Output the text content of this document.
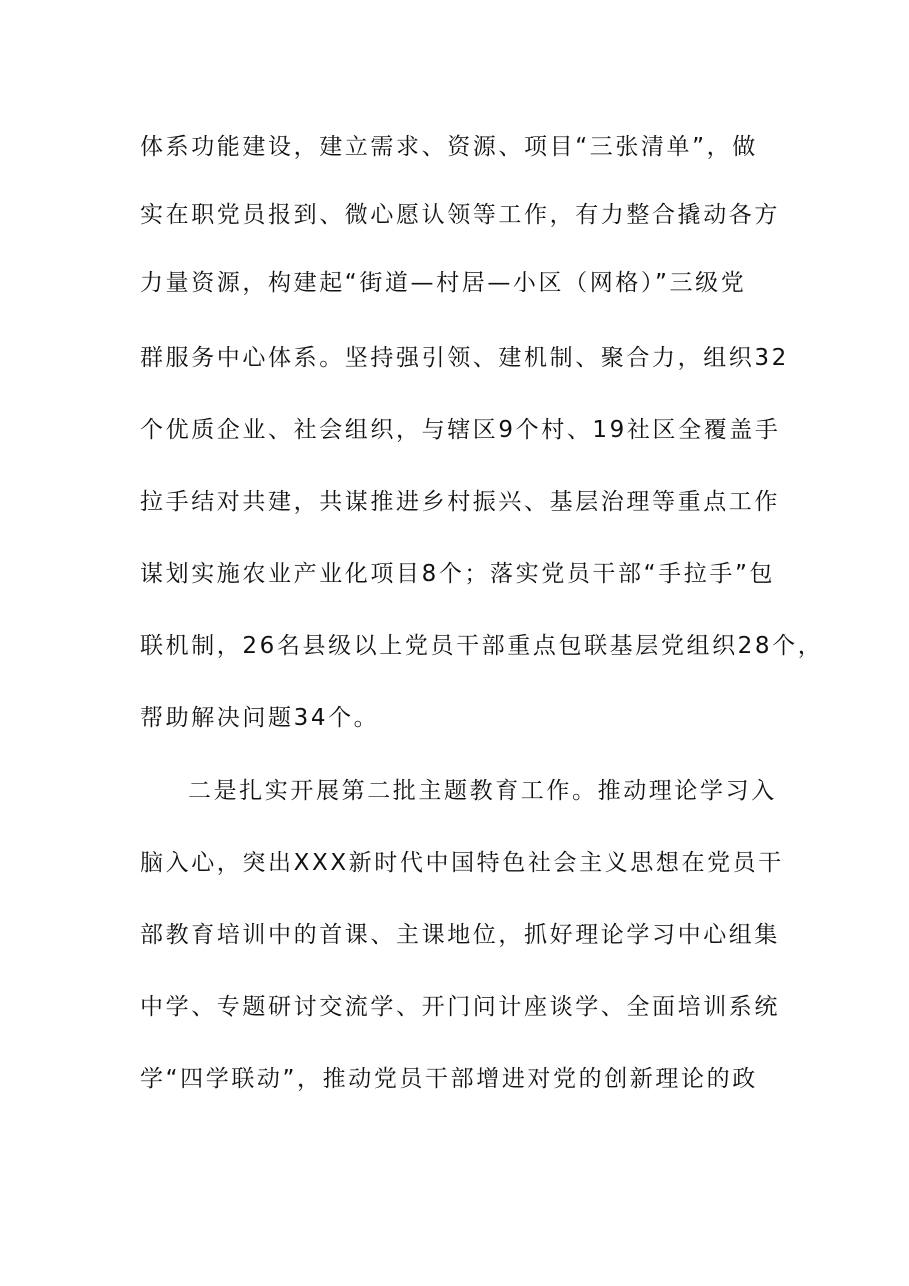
体系功能建设，建立需求、资源、项目“三张清单”，做
实在职党员报到、微心愿认领等工作，有力整合撬动各方
力量资源，构建起“街道—村居—小区（网格）”三级党
群服务中心体系。坚持强引领、建机制、聚合力，组织32
个优质企业、社会组织，与辖区9个村、19社区全覆盖手
拉手结对共建，共谋推进乡村振兴、基层治理等重点工作
谋划实施农业产业化项目8个；落实党员干部“手拉手”包
联机制，26名县级以上党员干部重点包联基层党组织28个，
帮助解决问题34个。
二是扎实开展第二批主题教育工作。推动理论学习入
脑入心，突出XXX新时代中国特色社会主义思想在党员干
部教育培训中的首课、主课地位，抓好理论学习中心组集
中学、专题研讨交流学、开门问计座谈学、全面培训系统
学“四学联动”，推动党员干部增进对党的创新理论的政
